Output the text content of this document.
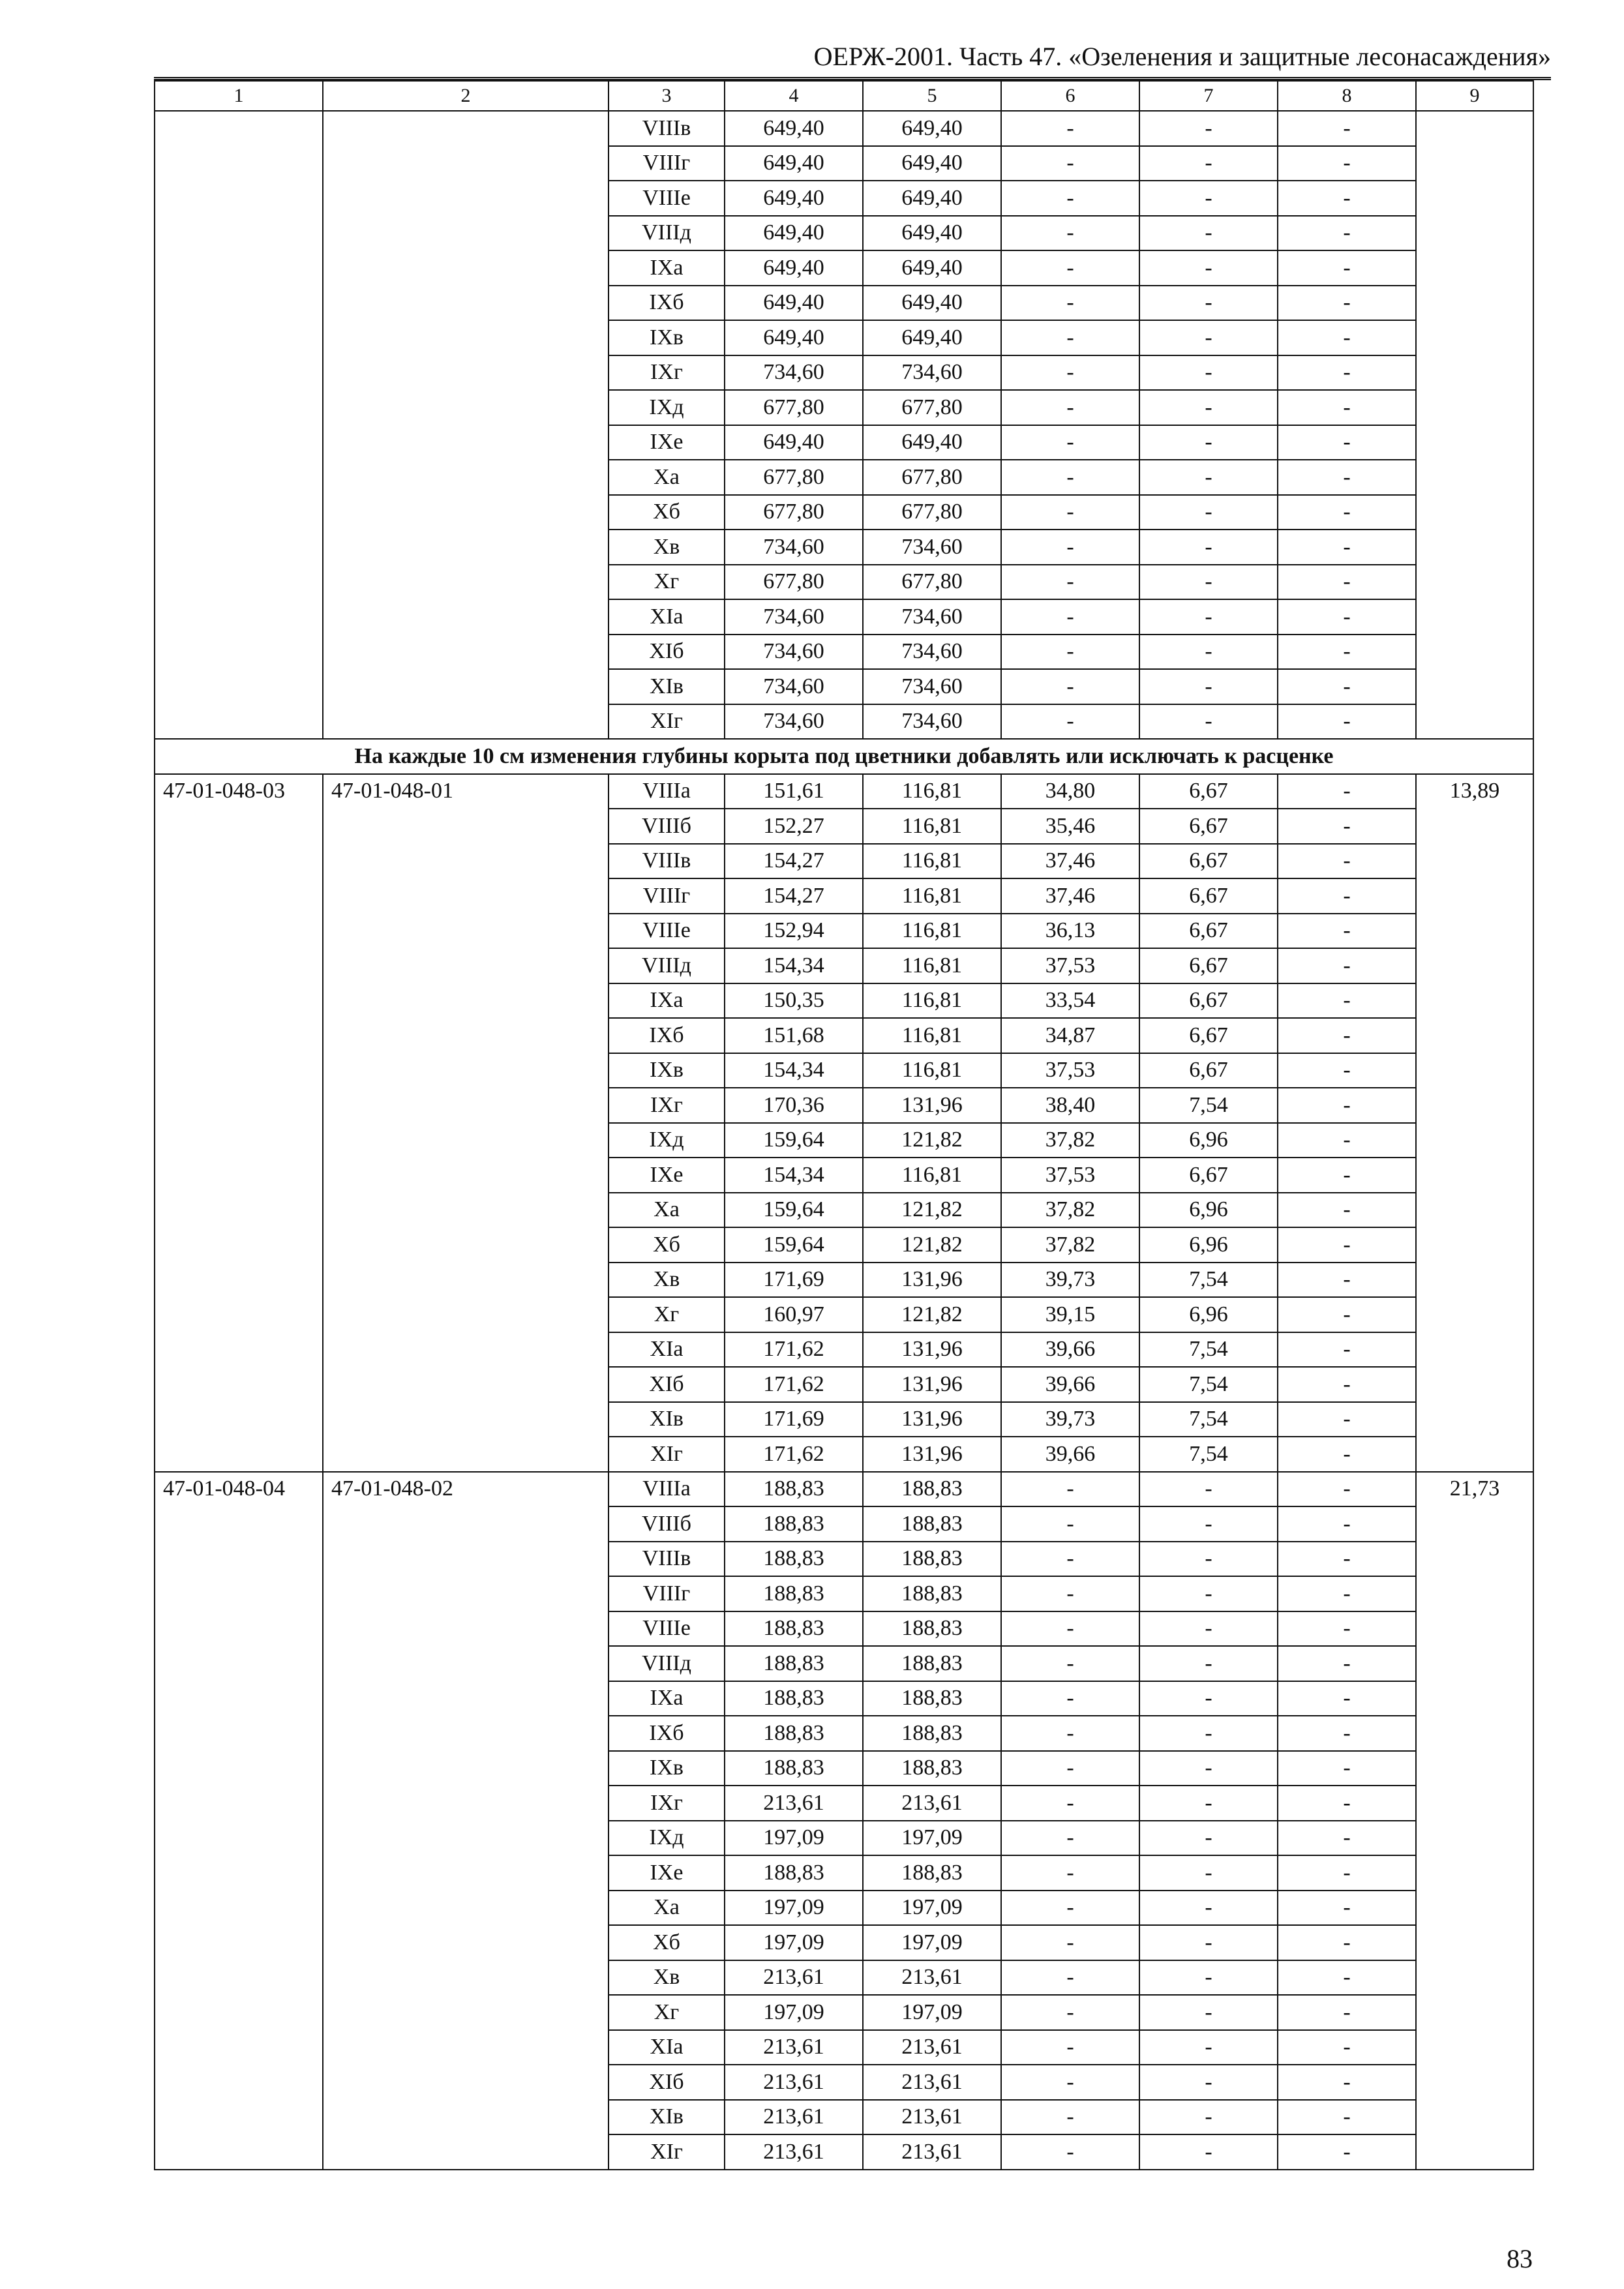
ОЕРЖ-2001. Часть 47. «Озеленения и защитные лесонасаждения»
1	2	3	4	5	6	7	8	9
		VIIIв	649,40	649,40	-	-	-	
		VIIIг	649,40	649,40	-	-	-	
		VIIIе	649,40	649,40	-	-	-	
		VIIIд	649,40	649,40	-	-	-	
		IXа	649,40	649,40	-	-	-	
		IXб	649,40	649,40	-	-	-	
		IXв	649,40	649,40	-	-	-	
		IXг	734,60	734,60	-	-	-	
		IXд	677,80	677,80	-	-	-	
		IXе	649,40	649,40	-	-	-	
		Xа	677,80	677,80	-	-	-	
		Xб	677,80	677,80	-	-	-	
		Xв	734,60	734,60	-	-	-	
		Xг	677,80	677,80	-	-	-	
		XIа	734,60	734,60	-	-	-	
		XIб	734,60	734,60	-	-	-	
		XIв	734,60	734,60	-	-	-	
		XIг	734,60	734,60	-	-	-	
На каждые 10 см изменения глубины корыта под цветники добавлять или исключать к расценке								
47-01-048-03	47-01-048-01	VIIIа	151,61	116,81	34,80	6,67	-	13,89
		VIIIб	152,27	116,81	35,46	6,67	-	
		VIIIв	154,27	116,81	37,46	6,67	-	
		VIIIг	154,27	116,81	37,46	6,67	-	
		VIIIе	152,94	116,81	36,13	6,67	-	
		VIIIд	154,34	116,81	37,53	6,67	-	
		IXа	150,35	116,81	33,54	6,67	-	
		IXб	151,68	116,81	34,87	6,67	-	
		IXв	154,34	116,81	37,53	6,67	-	
		IXг	170,36	131,96	38,40	7,54	-	
		IXд	159,64	121,82	37,82	6,96	-	
		IXе	154,34	116,81	37,53	6,67	-	
		Xа	159,64	121,82	37,82	6,96	-	
		Xб	159,64	121,82	37,82	6,96	-	
		Xв	171,69	131,96	39,73	7,54	-	
		Xг	160,97	121,82	39,15	6,96	-	
		XIа	171,62	131,96	39,66	7,54	-	
		XIб	171,62	131,96	39,66	7,54	-	
		XIв	171,69	131,96	39,73	7,54	-	
		XIг	171,62	131,96	39,66	7,54	-	
47-01-048-04	47-01-048-02	VIIIа	188,83	188,83	-	-	-	21,73
		VIIIб	188,83	188,83	-	-	-	
		VIIIв	188,83	188,83	-	-	-	
		VIIIг	188,83	188,83	-	-	-	
		VIIIе	188,83	188,83	-	-	-	
		VIIIд	188,83	188,83	-	-	-	
		IXа	188,83	188,83	-	-	-	
		IXб	188,83	188,83	-	-	-	
		IXв	188,83	188,83	-	-	-	
		IXг	213,61	213,61	-	-	-	
		IXд	197,09	197,09	-	-	-	
		IXе	188,83	188,83	-	-	-	
		Xа	197,09	197,09	-	-	-	
		Xб	197,09	197,09	-	-	-	
		Xв	213,61	213,61	-	-	-	
		Xг	197,09	197,09	-	-	-	
		XIа	213,61	213,61	-	-	-	
		XIб	213,61	213,61	-	-	-	
		XIв	213,61	213,61	-	-	-	
		XIг	213,61	213,61	-	-	-	
83
